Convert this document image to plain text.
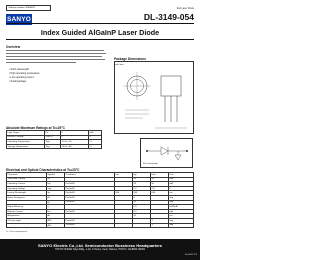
Ordering number: ENN6057	Red Laser Diode
SANYO	DL-3149-054
Index Guided AlGaInP Laser Diode
Overview
• Short wavelength
• High operating temperature
• Low operating current
• Small package
Package Dimensions
unit: mm
Absolute Maximum Ratings at Tc=25°C
Light Output	Po	5	mW
Reverse Voltage	VR(LD)	2	V
Operating Temperature	Topr	-10 to +70	°C
Storage Temperature	Tstg	-40 to +85	°C
Pin Connection
Electrical and Optical Characteristics at Tc=25°C
Parameter	Symbol	Conditions	min	typ	max	Unit
Threshold Current	Ith			25	40	mA
Operating Current	Iop	Po=5mW		35	50	mA
Operating Voltage	Vop	Po=5mW		2.2	2.5	V
Lasing Wavelength	λp	Po=5mW	650	655	660	nm
Beam Divergence	θ//	Po=5mW		8		deg
	θ⊥	Po=5mW		30		deg
Slope Efficiency	η			0.5		mW/mA
Monitor Current	Im	Po=5mW		0.2		mA
Astigmatism	As			10		μm
Off-axis angle	Δθ//	Po=5mW			3	deg
	Δθ⊥	Po=5mW			3	deg
Tc: Case temperature.
SANYO Electric Co.,Ltd. Semiconductor Bussiness Headquarters
TOKYO OFFICE Tokyo Bldg., 1-10, 1 Chome, Ueno, Taito-ku, TOKYO, 110-8534 JAPAN
No.6057-1/3
